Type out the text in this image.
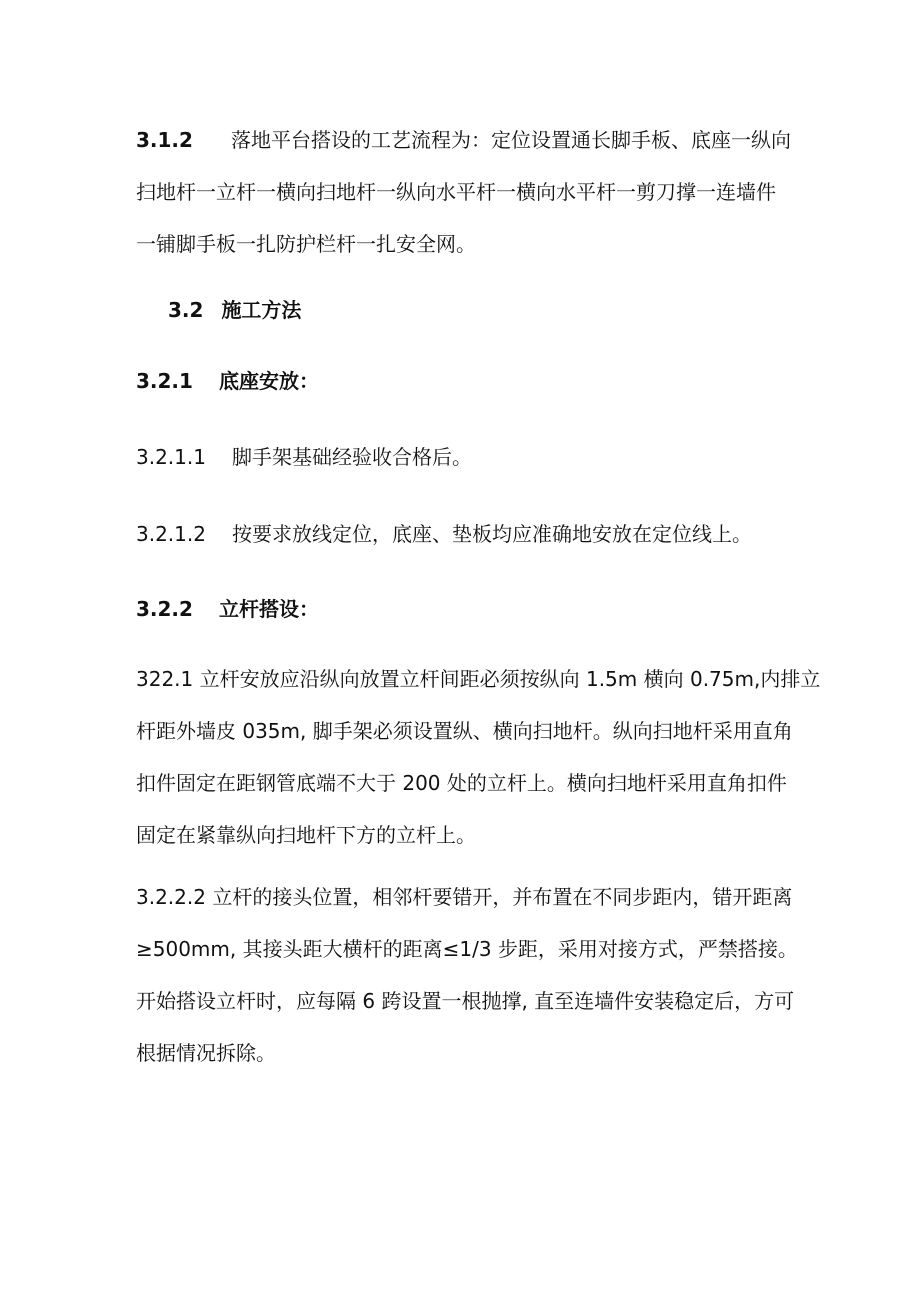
3.1.2 落地平台搭设的工艺流程为：定位设置通长脚手板、底座一纵向
扫地杆一立杆一横向扫地杆一纵向水平杆一横向水平杆一剪刀撑一连墙件
一铺脚手板一扎防护栏杆一扎安全网。
3.2 施工方法
3.2.1 底座安放：
3.2.1.1 脚手架基础经验收合格后。
3.2.1.2 按要求放线定位，底座、垫板均应准确地安放在定位线上。
3.2.2 立杆搭设：
322.1 立杆安放应沿纵向放置立杆间距必须按纵向 1.5m 横向 0.75m,内排立
杆距外墙皮 035m, 脚手架必须设置纵、横向扫地杆。纵向扫地杆采用直角
扣件固定在距钢管底端不大于 200 处的立杆上。横向扫地杆采用直角扣件
固定在紧靠纵向扫地杆下方的立杆上。
3.2.2.2 立杆的接头位置，相邻杆要错开，并布置在不同步距内，错开距离
≥500mm, 其接头距大横杆的距离≤1/3 步距，采用对接方式，严禁搭接。
开始搭设立杆时，应每隔 6 跨设置一根抛撑, 直至连墙件安装稳定后，方可
根据情况拆除。
